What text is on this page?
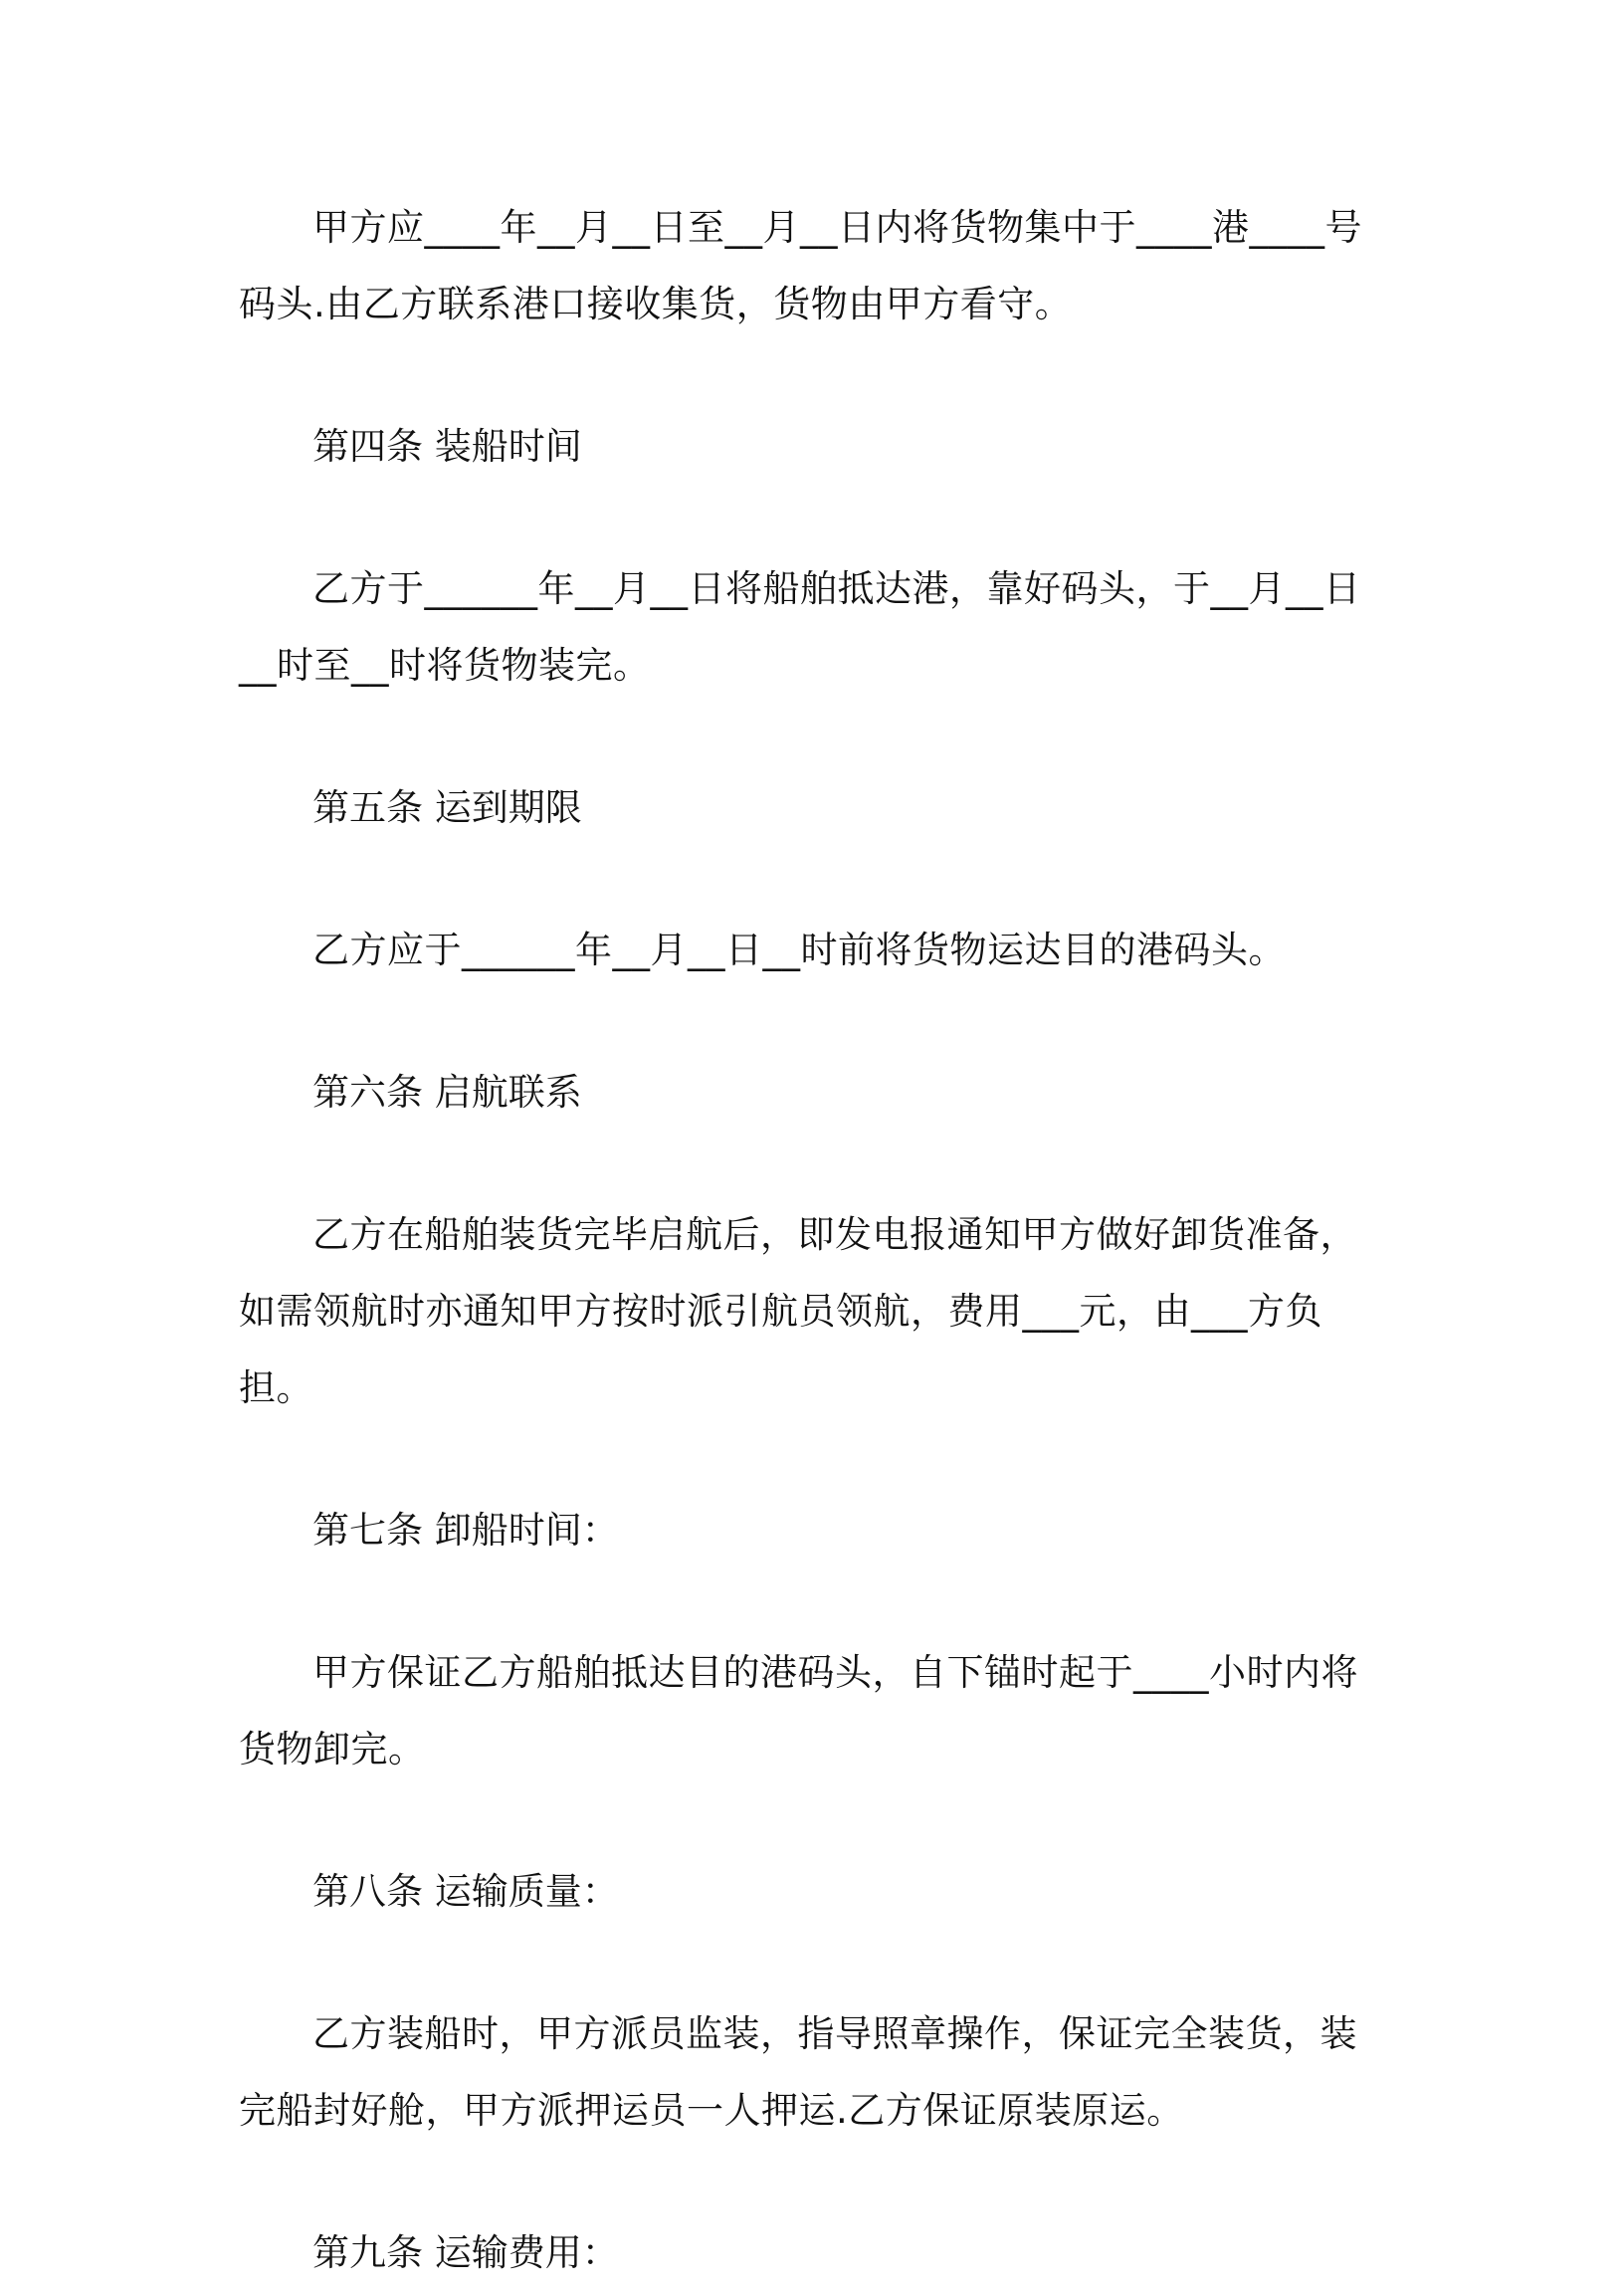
甲方应____年__月__日至__月__日内将货物集中于____港____号码头.由乙方联系港口接收集货，货物由甲方看守。

第四条 装船时间

乙方于______年__月__日将船舶抵达港，靠好码头，于__月__日__时至__时将货物装完。

第五条 运到期限

乙方应于______年__月__日__时前将货物运达目的港码头。

第六条 启航联系

乙方在船舶装货完毕启航后，即发电报通知甲方做好卸货准备，如需领航时亦通知甲方按时派引航员领航，费用___元，由___方负担。

第七条 卸船时间：

甲方保证乙方船舶抵达目的港码头，自下锚时起于____小时内将货物卸完。

第八条 运输质量：

乙方装船时，甲方派员监装，指导照章操作，保证完全装货，装完船封好舱，甲方派押运员一人押运.乙方保证原装原运。

第九条 运输费用：
